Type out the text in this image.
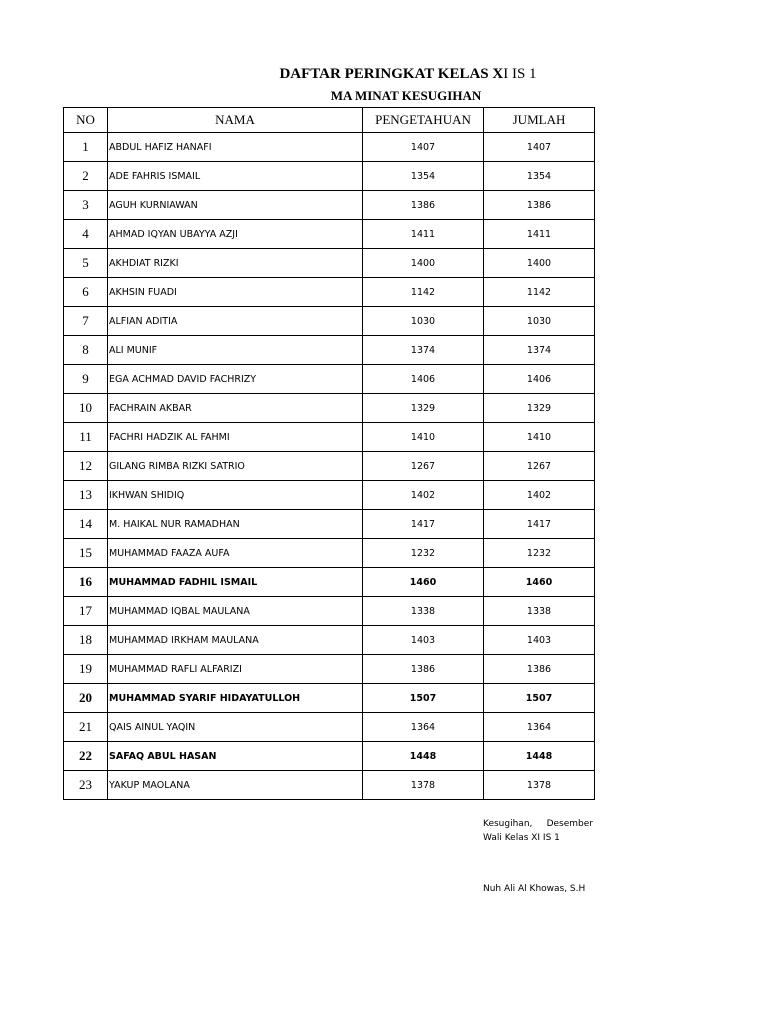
DAFTAR PERINGKAT KELAS XI IS 1
MA MINAT KESUGIHAN
NO	NAMA	PENGETAHUAN	JUMLAH
1	ABDUL HAFIZ HANAFI	1407	1407
2	ADE FAHRIS ISMAIL	1354	1354
3	AGUH KURNIAWAN	1386	1386
4	AHMAD IQYAN UBAYYA AZJI	1411	1411
5	AKHDIAT RIZKI	1400	1400
6	AKHSIN FUADI	1142	1142
7	ALFIAN ADITIA	1030	1030
8	ALI MUNIF	1374	1374
9	EGA ACHMAD DAVID FACHRIZY	1406	1406
10	FACHRAIN AKBAR	1329	1329
11	FACHRI HADZIK AL FAHMI	1410	1410
12	GILANG RIMBA RIZKI SATRIO	1267	1267
13	IKHWAN SHIDIQ	1402	1402
14	M. HAIKAL NUR RAMADHAN	1417	1417
15	MUHAMMAD FAAZA AUFA	1232	1232
16	MUHAMMAD FADHIL ISMAIL	1460	1460
17	MUHAMMAD IQBAL MAULANA	1338	1338
18	MUHAMMAD IRKHAM MAULANA	1403	1403
19	MUHAMMAD RAFLI ALFARIZI	1386	1386
20	MUHAMMAD SYARIF HIDAYATULLOH	1507	1507
21	QAIS AINUL YAQIN	1364	1364
22	SAFAQ ABUL HASAN	1448	1448
23	YAKUP MAOLANA	1378	1378
Kesugihan, Desember
Wali Kelas XI IS 1
Nuh Ali Al Khowas, S.H
